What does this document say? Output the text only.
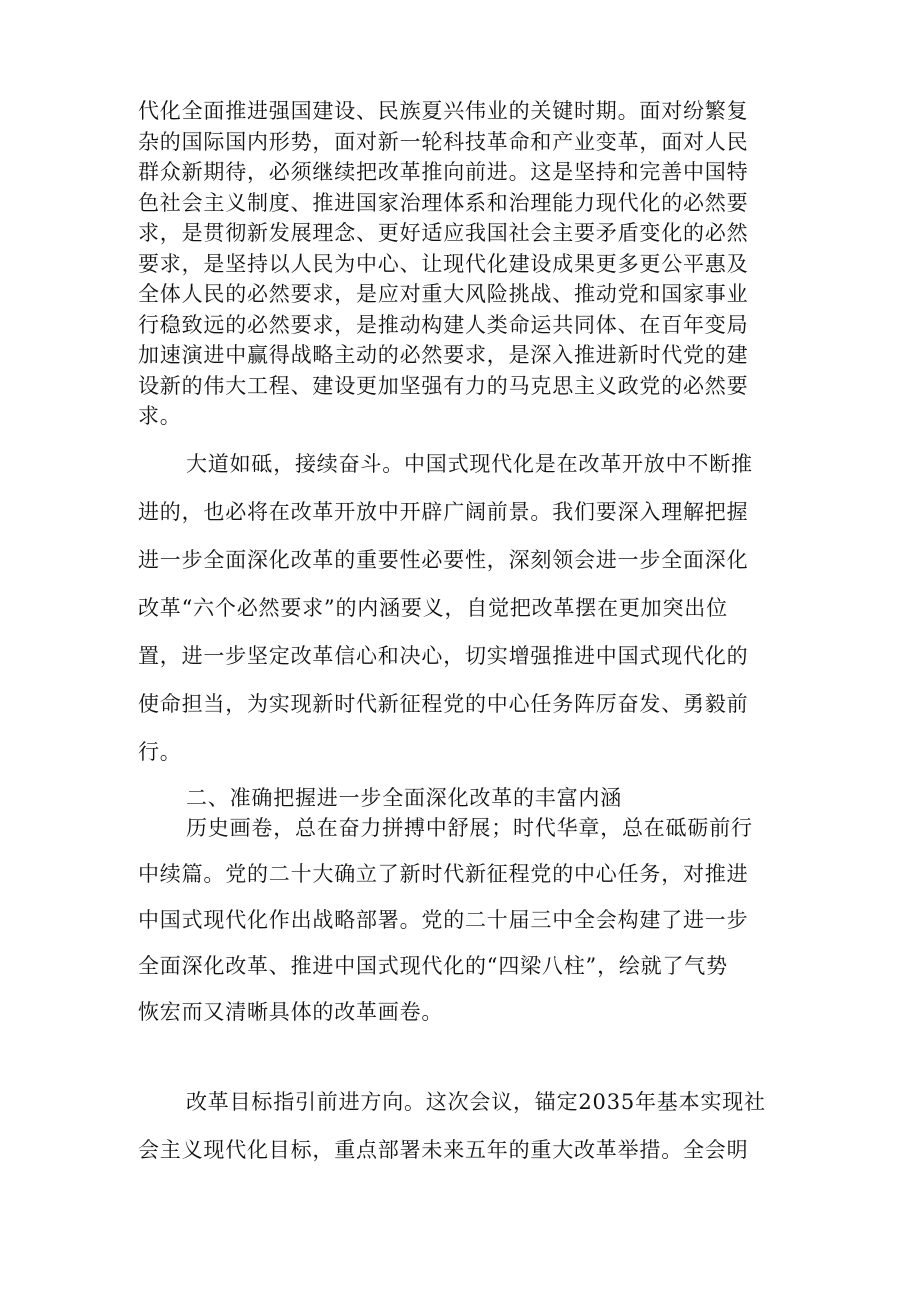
代化全面推进强国建设、民族夏兴伟业的关键时期。面对纷繁复
杂的国际国内形势，面对新一轮科技革命和产业变革，面对人民
群众新期待，必须继续把改革推向前进。这是坚持和完善中国特
色社会主义制度、推进国家治理体系和治理能力现代化的必然要
求，是贯彻新发展理念、更好适应我国社会主要矛盾变化的必然
要求，是坚持以人民为中心、让现代化建设成果更多更公平惠及
全体人民的必然要求，是应对重大风险挑战、推动党和国家事业
行稳致远的必然要求，是推动构建人类命运共同体、在百年变局
加速演进中赢得战略主动的必然要求，是深入推进新时代党的建
设新的伟大工程、建设更加坚强有力的马克思主义政党的必然要
求。
大道如砥，接续奋斗。中国式现代化是在改革开放中不断推
进的，也必将在改革开放中开辟广阔前景。我们要深入理解把握
进一步全面深化改革的重要性必要性，深刻领会进一步全面深化
改革“六个必然要求”的内涵要义，自觉把改革摆在更加突出位
置，进一步坚定改革信心和决心，切实增强推进中国式现代化的
使命担当，为实现新时代新征程党的中心任务阵厉奋发、勇毅前
行。
二、准确把握进一步全面深化改革的丰富内涵
历史画卷，总在奋力拼搏中舒展；时代华章，总在砥砺前行
中续篇。党的二十大确立了新时代新征程党的中心任务，对推进
中国式现代化作出战略部署。党的二十届三中全会构建了进一步
全面深化改革、推进中国式现代化的“四梁八柱”，绘就了气势
恢宏而又清晰具体的改革画卷。
改革目标指引前进方向。这次会议，锚定2035年基本实现社
会主义现代化目标，重点部署未来五年的重大改革举措。全会明
